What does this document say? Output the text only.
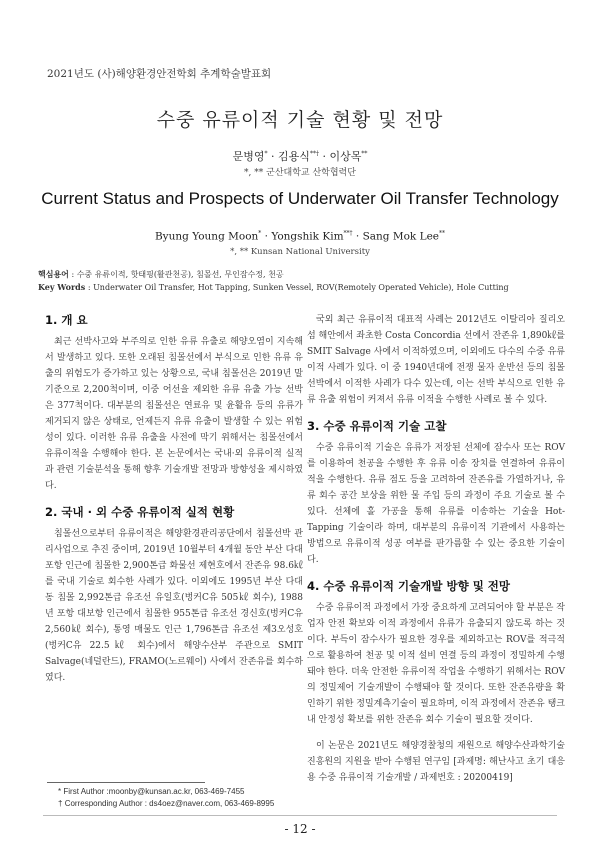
2021년도 (사)해양환경안전학회 추계학술발표회
수중 유류이적 기술 현황 및 전망
문병영* · 김용식**† · 이상목**
*, ** 군산대학교 산학협력단
Current Status and Prospects of Underwater Oil Transfer Technology
Byung Young Moon* · Yongshik Kim**† · Sang Mok Lee**
*, ** Kunsan National University
핵심용어 : 수중 유류이적, 핫태핑(활관천공), 침몰선, 무인잠수정, 천공
Key Words : Underwater Oil Transfer, Hot Tapping, Sunken Vessel, ROV(Remotely Operated Vehicle), Hole Cutting
1. 개 요

최근 선박사고와 부주의로 인한 유류 유출로 해양오염이 지속해서 발생하고 있다. 또한 오래된 침몰선에서 부식으로 인한 유류 유출의 위험도가 증가하고 있는 상황으로, 국내 침몰선은 2019년 말 기준으로 2,200척이며, 이중 어선을 제외한 유류 유출 가능 선박은 377척이다. 대부분의 침몰선은 연료유 및 윤활유 등의 유류가 제거되지 않은 상태로, 언제든지 유류 유출이 발생할 수 있는 위험성이 있다. 이러한 유류 유출을 사전에 막기 위해서는 침몰선에서 유류이적을 수행해야 한다. 본 논문에서는 국내·외 유류이적 실적과 관련 기술분석을 통해 향후 기술개발 전망과 방향성을 제시하였다.

2. 국내 · 외 수중 유류이적 실적 현황

침몰선으로부터 유류이적은 해양환경관리공단에서 침몰선박 관리사업으로 추진 중이며, 2019년 10월부터 4개월 동안 부산 다대포항 인근에 침몰한 2,900톤급 화물선 제현호에서 잔존유 98.6㎘를 국내 기술로 회수한 사례가 있다. 이외에도 1995년 부산 다대동 침몰 2,992톤급 유조선 유일호(벙커C유 505㎘ 회수), 1988년 포항 대보항 인근에서 침몰한 955톤급 유조선 경신호(벙커C유 2,560㎘ 회수), 통영 매물도 인근 1,796톤급 유조선 제3오성호(벙커C유 22.5㎘ 회수)에서 해양수산부 주관으로 SMIT Salvage(네덜란드), FRAMO(노르웨이) 사에서 잔존유를 회수하였다.

국외 최근 유류이적 대표적 사례는 2012년도 이탈리아 질리오 섬 해안에서 좌초한 Costa Concordia 선에서 잔존유 1,890㎘를 SMIT Salvage 사에서 이적하였으며, 이외에도 다수의 수중 유류이적 사례가 있다. 이 중 1940년대에 전쟁 물자 운반선 등의 침몰 선박에서 이적한 사례가 다수 있는데, 이는 선박 부식으로 인한 유류 유출 위험이 커져서 유류 이적을 수행한 사례로 볼 수 있다.

3. 수중 유류이적 기술 고찰

수중 유류이적 기술은 유류가 저장된 선체에 잠수사 또는 ROV를 이용하여 천공을 수행한 후 유류 이송 장치를 연결하여 유류이적을 수행한다. 유류 점도 등을 고려하여 잔존유를 가열하거나, 유류 회수 공간 보상을 위한 물 주입 등의 과정이 주요 기술로 볼 수 있다. 선체에 홀 가공을 통해 유류를 이송하는 기술을 Hot-Tapping 기술이라 하며, 대부분의 유류이적 기관에서 사용하는 방법으로 유류이적 성공 여부를 판가름할 수 있는 중요한 기술이다.

4. 수중 유류이적 기술개발 방향 및 전망

수중 유류이적 과정에서 가장 중요하게 고려되어야 할 부분은 작업자 안전 확보와 이적 과정에서 유류가 유출되지 않도록 하는 것이다. 부득이 잠수사가 필요한 경우를 제외하고는 ROV를 적극적으로 활용하여 천공 및 이적 설비 연결 등의 과정이 정밀하게 수행돼야 한다. 더욱 안전한 유류이적 작업을 수행하기 위해서는 ROV의 정밀제어 기술개발이 수행돼야 할 것이다. 또한 잔존유량을 확인하기 위한 정밀계측기술이 필요하며, 이적 과정에서 잔존유 탱크 내 안정성 확보를 위한 잔존유 회수 기술이 필요할 것이다.

이 논문은 2021년도 해양경찰청의 재원으로 해양수산과학기술진흥원의 지원을 받아 수행된 연구임 [과제명: 해난사고 초기 대응용 수중 유류이적 기술개발 / 과제번호 : 20200419]

* First Author :moonby@kunsan.ac.kr, 063-469-7455
† Corresponding Author : ds4oez@naver.com, 063-469-8995
- 12 -
